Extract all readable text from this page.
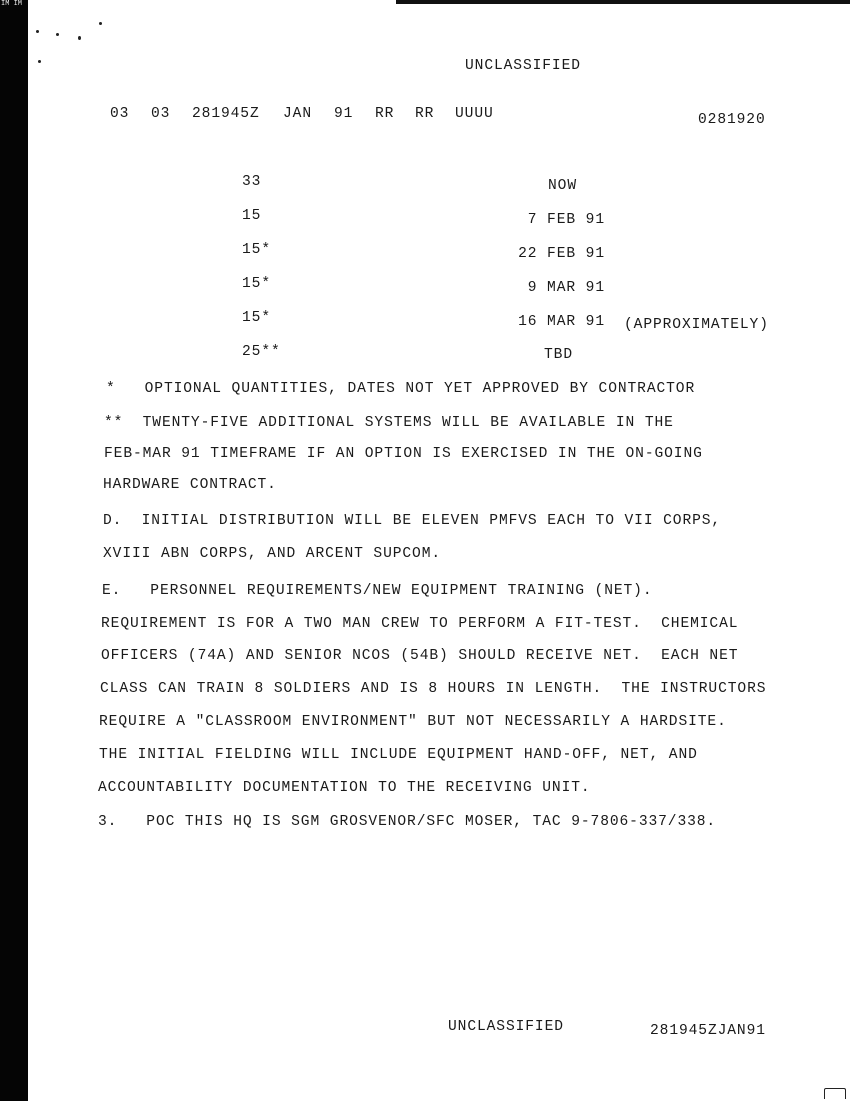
IM IM
UNCLASSIFIED
03 03 281945Z JAN 91 RR RR UUUU	0281920
33	NOW
15	7 FEB 91
15*	22 FEB 91
15*	9 MAR 91
15*	16 MAR 91 (APPROXIMATELY)
25**	TBD
*   OPTIONAL QUANTITIES, DATES NOT YET APPROVED BY CONTRACTOR
**  TWENTY-FIVE ADDITIONAL SYSTEMS WILL BE AVAILABLE IN THE
FEB-MAR 91 TIMEFRAME IF AN OPTION IS EXERCISED IN THE ON-GOING
HARDWARE CONTRACT.
D.  INITIAL DISTRIBUTION WILL BE ELEVEN PMFVS EACH TO VII CORPS,
XVIII ABN CORPS, AND ARCENT SUPCOM.
E.   PERSONNEL REQUIREMENTS/NEW EQUIPMENT TRAINING (NET).
REQUIREMENT IS FOR A TWO MAN CREW TO PERFORM A FIT-TEST.  CHEMICAL
OFFICERS (74A) AND SENIOR NCOS (54B) SHOULD RECEIVE NET.  EACH NET
CLASS CAN TRAIN 8 SOLDIERS AND IS 8 HOURS IN LENGTH.  THE INSTRUCTORS
REQUIRE A "CLASSROOM ENVIRONMENT" BUT NOT NECESSARILY A HARDSITE.
THE INITIAL FIELDING WILL INCLUDE EQUIPMENT HAND-OFF, NET, AND
ACCOUNTABILITY DOCUMENTATION TO THE RECEIVING UNIT.
3.   POC THIS HQ IS SGM GROSVENOR/SFC MOSER, TAC 9-7806-337/338.
UNCLASSIFIED	281945ZJAN91
